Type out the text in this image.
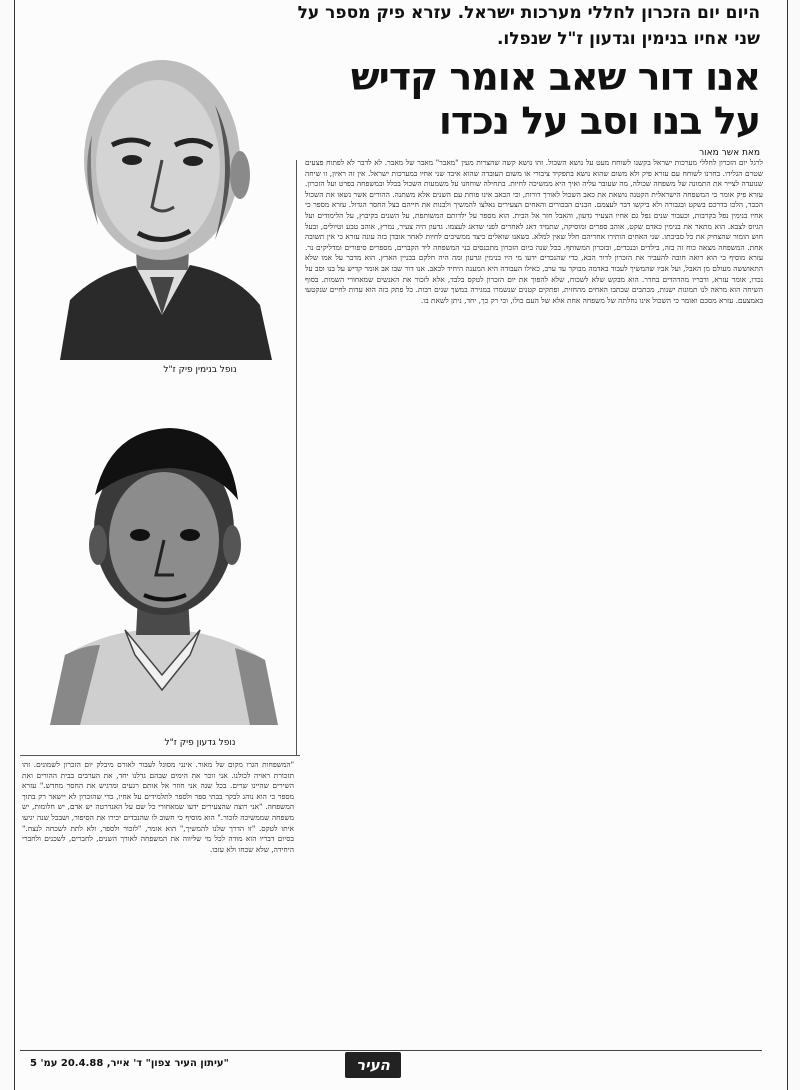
היום יום הזכרון לחללי מערכות ישראל. עזרא פיק מספר על שני אחיו בנימין וגדעון ז"ל שנפלו.
אנו דור שאב אומר קדיש על בנו וסב על נכדו
מאת אשר מאור
נופל בנימין פיק ז"ל
נופל גדעון פיק ז"ל
לרגל יום הזכרון לחללי מערכות ישראל בקשנו לשוחח מעט על נושא השכול. זהו נושא קשה שהצרות מעין "מאבר" מאבר של מאבר. לא לדבר לא לפתוח פצעים שטרם הגלידו. בחרנו לשוחח עם עזרא פיק ולא משום שהוא נושא בתפקיד ציבורי או משום העובדה שהוא איבד שני אחיו במערכות ישראל. אין זה ראיון, זו שיחה שנועדה לצייר את התמונה של משפחה שכולה, מה שעובר עליה ואיך היא ממשיכה לחיות. בתחילה שוחחנו על משמעות השכול בכלל ובמשפחה בפרט ועל הזכרון. עזרא פיק אומר כי המשפחה הישראלית הקטנה נושאת את כאב השכול לאורך דורות, וכי הכאב אינו פוחת עם השנים אלא משתנה. ההורים אשר נשאו את השכול הכבד, הלכו בדרכם בשקט ובגבורה ולא ביקשו דבר לעצמם. הבנים הבכורים והאחים הצעירים נאלצו להמשיך ולבנות את חייהם בצל החסר הגדול. עזרא מספר כי אחיו בנימין נפל בקרבות, וכעבור שנים נפל גם אחיו הצעיר גדעון, והאבל חזר אל הבית. הוא מספר על ילדותם המשותפת, על השנים בקיבוץ, על הלימודים ועל הגיוס לצבא. הוא מתאר את בנימין כאדם שקט, אוהב ספרים ומוסיקה, שתמיד דאג לאחרים לפני שדאג לעצמו. גדעון היה צעיר, נמרץ, אוהב טבע וטיולים, ובעל חוש הומור שהצחיק את כל סביבתו. שני האחים הותירו אחריהם חלל שאין למלא. כשאנו שואלים כיצד ממשיכים לחיות לאחר אובדן כזה עונה עזרא כי אין תשובה אחת. המשפחה מצאה כוח זה בזה, בילדים ובנכדים, ובזכרון המשותף. בכל שנה ביום הזכרון מתכנסים בני המשפחה ליד הקברים, מספרים סיפורים ומדליקים נר. עזרא מוסיף כי הוא רואה חובה להעביר את הזכרון לדור הבא, כדי שהנכדים ידעו מי היו בנימין וגדעון ומה היה חלקם בבניין הארץ. הוא מדבר על אמו שלא התאוששה מעולם מן האבל, ועל אביו שהמשיך לעבוד באדמה מבוקר עד ערב, כאילו העבודה היא המענה היחיד לכאב. אנו דור שבו אב אומר קדיש על בנו וסב על נכדו, אומר עזרא, ודבריו מהדהדים בחדר. הוא מבקש שלא לשכוח, שלא להפוך את יום הזכרון לטקס בלבד, אלא לזכור את האנשים שמאחורי השמות. בסוף השיחה הוא מראה לנו תמונות ישנות, מכתבים שכתבו האחים מהחזית, ופתקים קטנים שנשמרו במגירה במשך שנים רבות. כל פתק כזה הוא עדות לחיים שנקטעו באמצעם. עזרא מסכם ואומר כי השכול אינו נחלתה של משפחה אחת אלא של העם כולו, וכי רק כך, יחד, ניתן לשאת בו.
"המשפחות הגרו מקום של מאור. אינני מסוגל לעבור לאורם מיבלק יום הזכרון לשמונים. זהו תזכורת ראויה לכולנו. אני זוכר את הימים שבהם גדלנו יחד, את הערבים בבית ההורים ואת השירים שהיינו שרים. בכל שנה אני חוזר אל אותם רגעים ומרגיש את החסר מחדש." עזרא מספר כי הוא נוהג לבקר בבתי ספר ולספר לתלמידים על אחיו, כדי שהזכרון לא יישאר רק בתוך המשפחה. "אני רוצה שהצעירים ידעו שמאחורי כל שם על האנדרטה יש אדם, יש חלומות, יש משפחה שממשיכה לזכור." הוא מוסיף כי חשוב לו שהנכדים יכירו את הסיפור, ושבכל שנה יגיעו איתו לטקס. "זו הדרך שלנו להמשיך," הוא אומר, "לזכור ולספר, ולא לתת לשכחה לנצח." בסיום דבריו הוא מודה לכל מי שליווה את המשפחה לאורך השנים, לחברים, לשכנים ולחברי היחידה, שלא שכחו ולא עזבו.
"עיתון העיר צפון" ד' אייר, 20.4.88 עמ' 5	העיר
